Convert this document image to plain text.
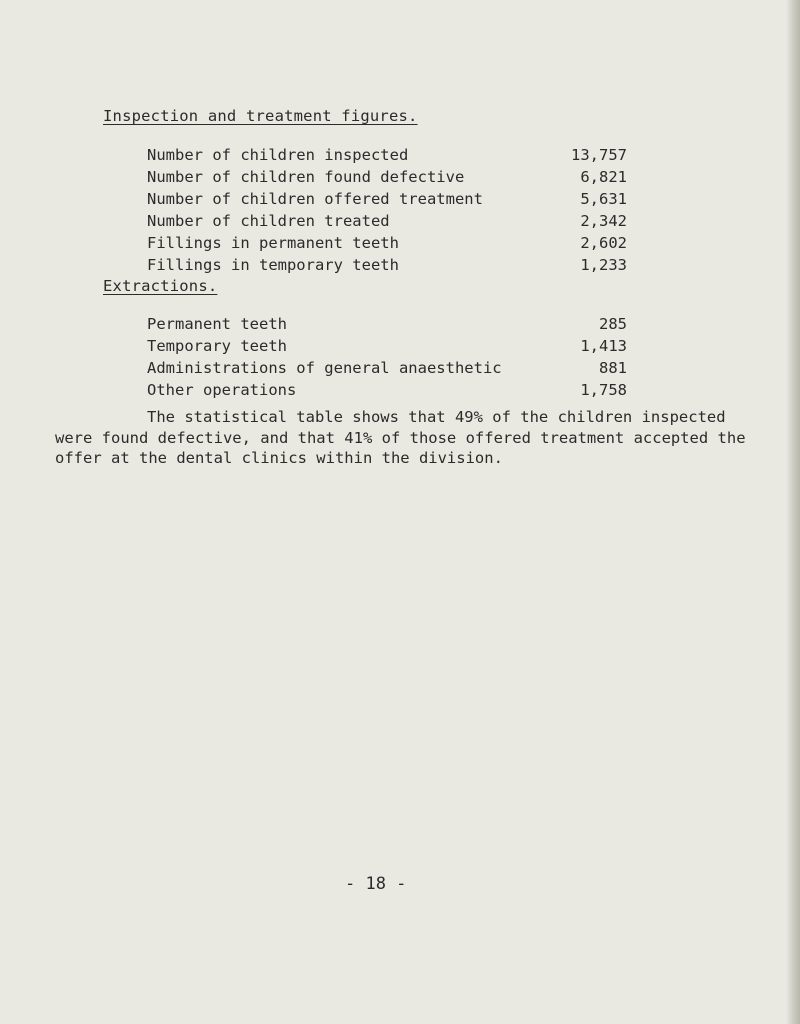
Inspection and treatment figures.
Number of children inspected	13,757
Number of children found defective	6,821
Number of children offered treatment	5,631
Number of children treated	2,342
Fillings in permanent teeth	2,602
Fillings in temporary teeth	1,233
Extractions.
Permanent teeth	285
Temporary teeth	1,413
Administrations of general anaesthetic	881
Other operations	1,758
The statistical table shows that 49% of the children inspected
were found defective, and that 41% of those offered treatment accepted the
offer at the dental clinics within the division.
- 18 -
